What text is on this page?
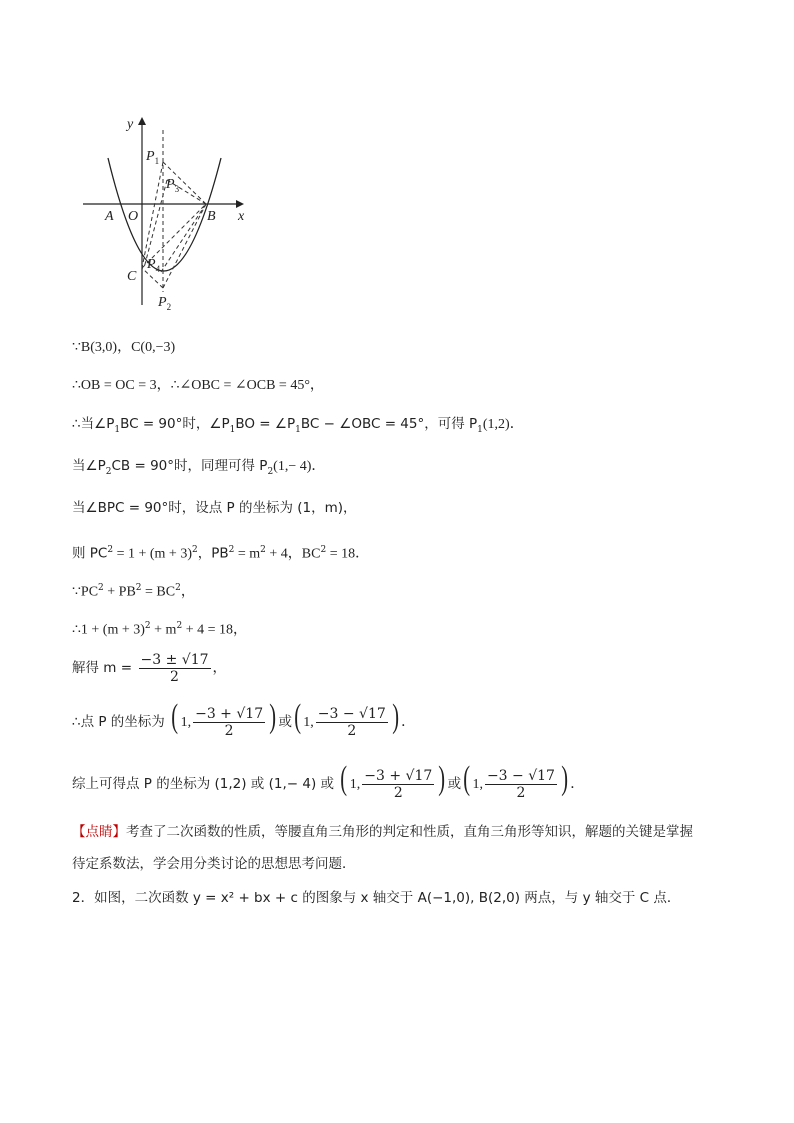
y
x
A O	B
C
$P_1$
$P_3$
$P_4$
$P_2$
∵B(3,0)，C(0,−3)
∴OB = OC = 3，∴∠OBC = ∠OCB = 45°，
∴当$\angle P_1BC = 90^\circ$时，$\angle P_1BO$ = $\angle P_1BC$ − ∠OBC = 45°，可得 $P_1(1,2)$．
当$\angle P_2CB = 90^\circ$时，同理可得 $P_2(1,- 4)$．
当∠BPC = 90°时，设点 P 的坐标为 (1，m)，
则 $PC^2 = 1 + (m + 3)^2$，$PB^2 = m^2 + 4$，$BC^2 = 18$．
$\because PC^2 + PB^2 = BC^2$，
∴1 + $(m + 3)^2 + m^2 + 4 = 18$，
解得 $m = \frac{-3 \pm √17}{2}$ ，
∴点 P 的坐标为 ( 1, $\frac{-3 + √17}{2}$ ) 或( 1, $\frac{-3 - √17}{2}$ ) ．
综上可得点 P 的坐标为 (1,2) 或 (1,− 4) 或 ( 1, $\frac{-3 + √17}{2}$ ) 或( 1, $\frac{-3 - √17}{2}$ ) ．
【点睛】考查了二次函数的性质，等腰直角三角形的判定和性质，直角三角形等知识，解题的关键是掌握
待定系数法，学会用分类讨论的思想思考问题．
2．如图，二次函数 y = x² + bx + c 的图象与 x 轴交于 A(−1,0), B(2,0) 两点，与 y 轴交于 C 点．
